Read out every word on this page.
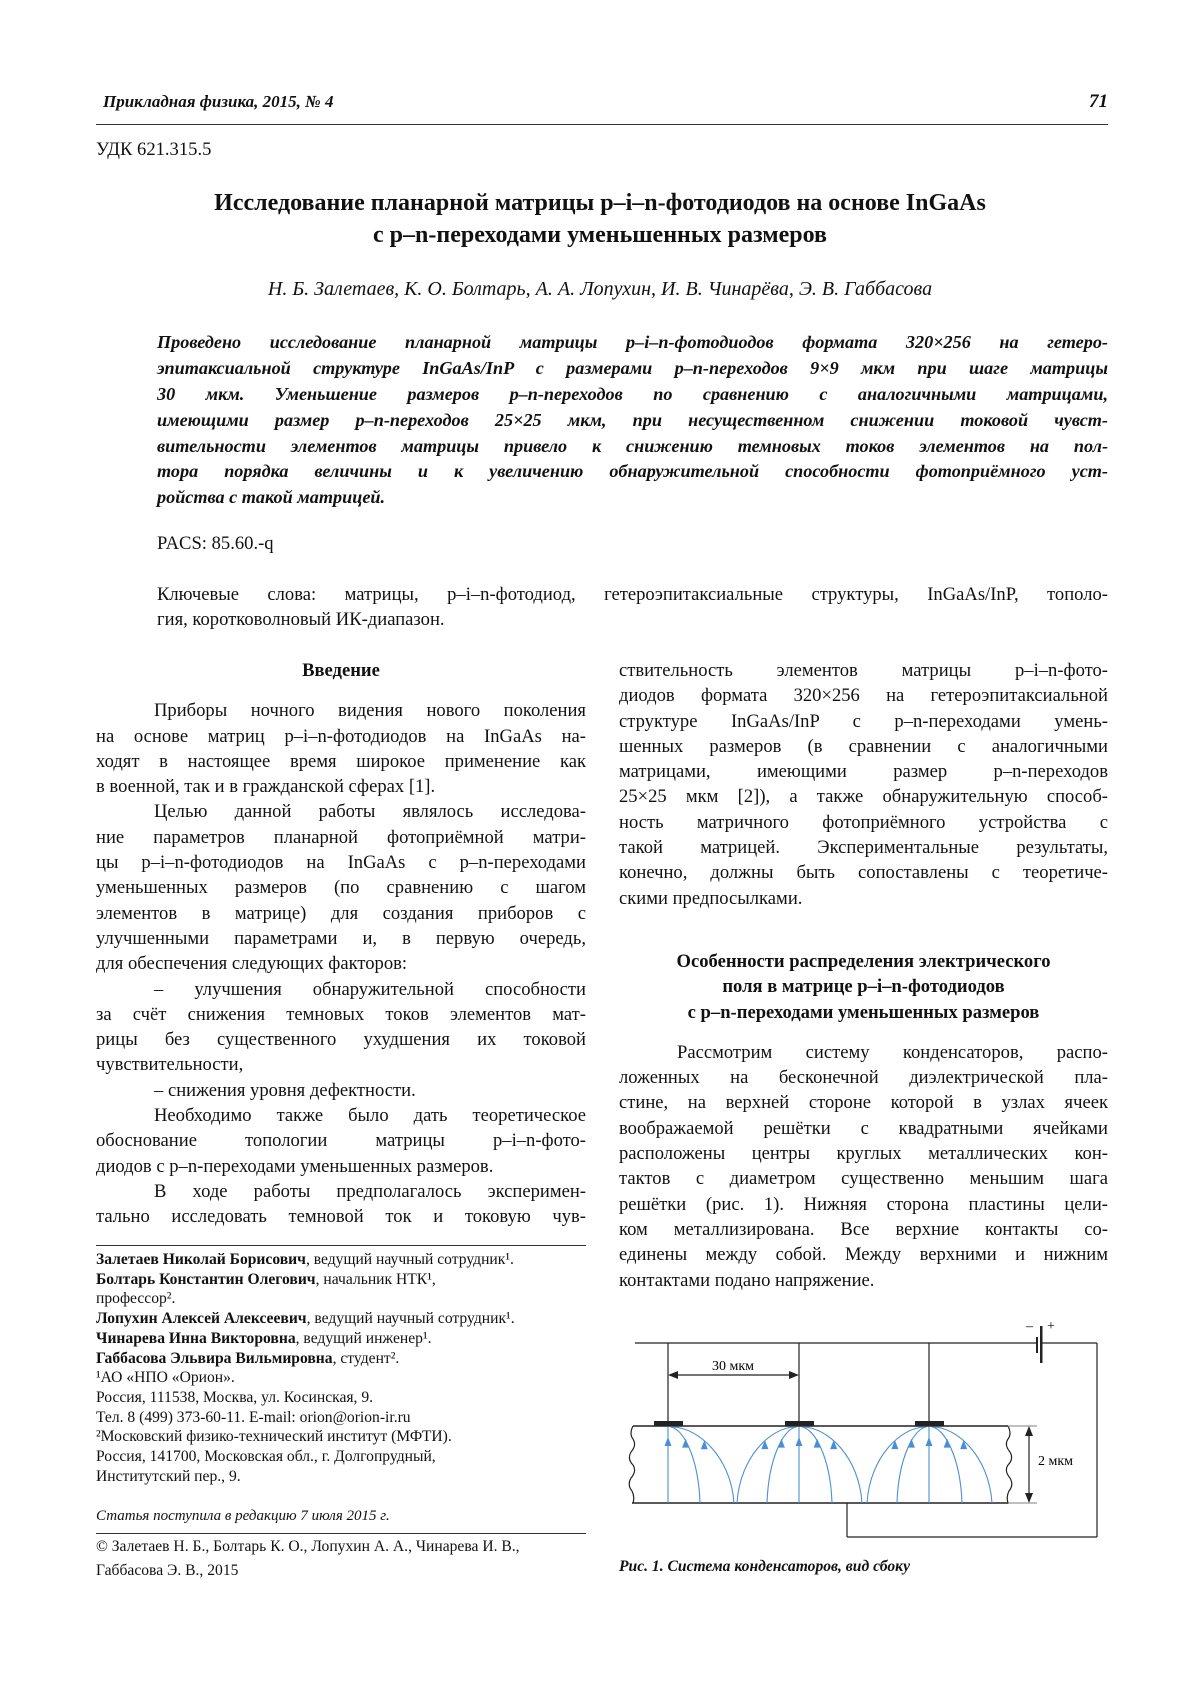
Прикладная физика, 2015, № 4	71
УДК 621.315.5
Исследование планарной матрицы p–i–n-фотодиодов на основе InGaAs
с p–n-переходами уменьшенных размеров
Н. Б. Залетаев, К. О. Болтарь, А. А. Лопухин, И. В. Чинарёва, Э. В. Габбасова
Проведено исследование планарной матрицы p–i–n-фотодиодов формата 320×256 на гетеро-
эпитаксиальной структуре InGaAs/InP с размерами p–n-переходов 9×9 мкм при шаге матрицы
30 мкм. Уменьшение размеров p–n-переходов по сравнению с аналогичными матрицами,
имеющими размер p–n-переходов 25×25 мкм, при несущественном снижении токовой чувст-
вительности элементов матрицы привело к снижению темновых токов элементов на пол-
тора порядка величины и к увеличению обнаружительной способности фотоприёмного уст-
ройства с такой матрицей.
PACS: 85.60.-q
Ключевые слова: матрицы, p–i–n-фотодиод, гетероэпитаксиальные структуры, InGaAs/InP, тополо-
гия, коротковолновый ИК-диапазон.
Введение
Приборы ночного видения нового поколения
на основе матриц p–i–n-фотодиодов на InGaAs на-
ходят в настоящее время широкое применение как
в военной, так и в гражданской сферах [1].
Целью данной работы являлось исследова-
ние параметров планарной фотоприёмной матри-
цы p–i–n-фотодиодов на InGaAs с p–n-переходами
уменьшенных размеров (по сравнению с шагом
элементов в матрице) для создания приборов с
улучшенными параметрами и, в первую очередь,
для обеспечения следующих факторов:
– улучшения обнаружительной способности
за счёт снижения темновых токов элементов мат-
рицы без существенного ухудшения их токовой
чувствительности,
– снижения уровня дефектности.
Необходимо также было дать теоретическое
обоснование топологии матрицы p–i–n-фото-
диодов с p–n-переходами уменьшенных размеров.
В ходе работы предполагалось эксперимен-
тально исследовать темновой ток и токовую чув-
ствительность элементов матрицы p–i–n-фото-
диодов формата 320×256 на гетероэпитаксиальной
структуре InGaAs/InP с p–n-переходами умень-
шенных размеров (в сравнении с аналогичными
матрицами, имеющими размер p–n-переходов
25×25 мкм [2]), а также обнаружительную способ-
ность матричного фотоприёмного устройства с
такой матрицей. Экспериментальные результаты,
конечно, должны быть сопоставлены с теоретиче-
скими предпосылками.
Особенности распределения электрического
поля в матрице p–i–n-фотодиодов
с p–n-переходами уменьшенных размеров
Рассмотрим систему конденсаторов, распо-
ложенных на бесконечной диэлектрической пла-
стине, на верхней стороне которой в узлах ячеек
воображаемой решётки с квадратными ячейками
расположены центры круглых металлических кон-
тактов с диаметром существенно меньшим шага
решётки (рис. 1). Нижняя сторона пластины цели-
ком металлизирована. Все верхние контакты со-
единены между собой. Между верхними и нижним
контактами подано напряжение.
Залетаев Николай Борисович, ведущий научный сотрудник¹.
Болтарь Константин Олегович, начальник НТК¹,
профессор².
Лопухин Алексей Алексеевич, ведущий научный сотрудник¹.
Чинарева Инна Викторовна, ведущий инженер¹.
Габбасова Эльвира Вильмировна, студент².
¹АО «НПО «Орион».
Россия, 111538, Москва, ул. Косинская, 9.
Тел. 8 (499) 373-60-11. E-mail: orion@orion-ir.ru
²Московский физико-технический институт (МФТИ).
Россия, 141700, Московская обл., г. Долгопрудный,
Институтский пер., 9.
Статья поступила в редакцию 7 июля 2015 г.
© Залетаев Н. Б., Болтарь К. О., Лопухин А. А., Чинарева И. В.,
Габбасова Э. В., 2015
– +
30 мкм
2 мкм
Рис. 1. Система конденсаторов, вид сбоку
